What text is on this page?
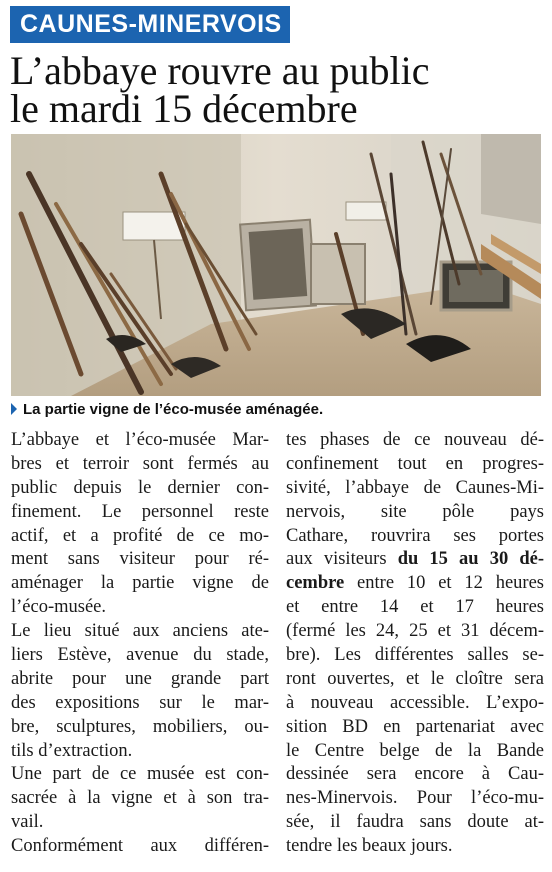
CAUNES-MINERVOIS
L’abbaye rouvre au public
le mardi 15 décembre
La partie vigne de l’éco-musée aménagée.
L’abbaye et l’éco-musée Mar-
bres et terroir sont fermés au
public depuis le dernier con-
finement. Le personnel reste
actif, et a profité de ce mo-
ment sans visiteur pour ré-
aménager la partie vigne de
l’éco-musée.
Le lieu situé aux anciens ate-
liers Estève, avenue du stade,
abrite pour une grande part
des expositions sur le mar-
bre, sculptures, mobiliers, ou-
tils d’extraction.
Une part de ce musée est con-
sacrée à la vigne et à son tra-
vail.
Conformément aux différen-
tes phases de ce nouveau dé-
confinement tout en progres-
sivité, l’abbaye de Caunes-Mi-
nervois, site pôle pays
Cathare, rouvrira ses portes
aux visiteurs du 15 au 30 dé-
cembre entre 10 et 12 heures
et entre 14 et 17 heures
(fermé les 24, 25 et 31 décem-
bre). Les différentes salles se-
ront ouvertes, et le cloître sera
à nouveau accessible. L’expo-
sition BD en partenariat avec
le Centre belge de la Bande
dessinée sera encore à Cau-
nes-Minervois. Pour l’éco-mu-
sée, il faudra sans doute at-
tendre les beaux jours.
